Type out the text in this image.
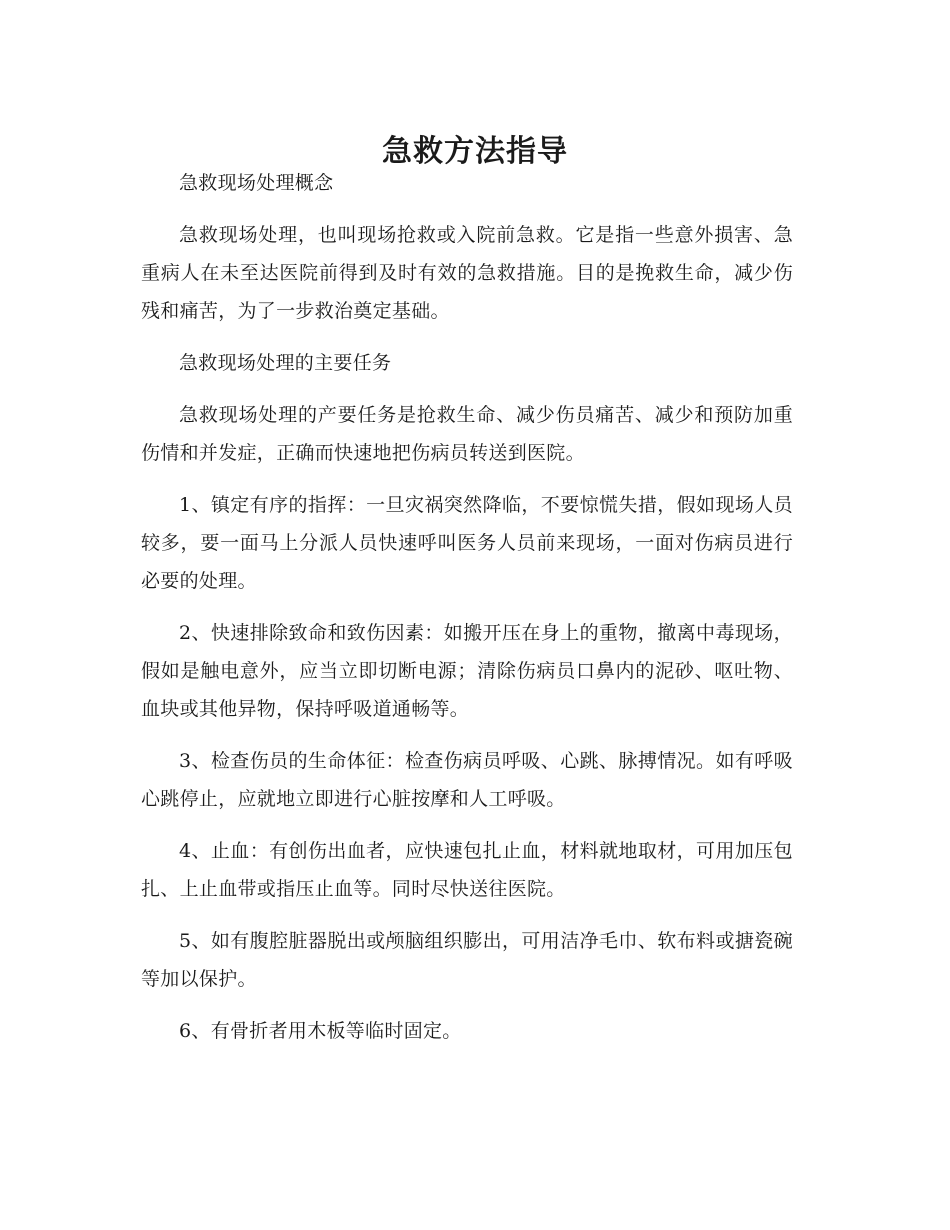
急救方法指导

急救现场处理概念

急救现场处理，也叫现场抢救或入院前急救。它是指一些意外损害、急重病人在未至达医院前得到及时有效的急救措施。目的是挽救生命，减少伤残和痛苦，为了一步救治奠定基础。

急救现场处理的主要任务

急救现场处理的产要任务是抢救生命、减少伤员痛苦、减少和预防加重伤情和并发症，正确而快速地把伤病员转送到医院。

1、镇定有序的指挥：一旦灾祸突然降临，不要惊慌失措，假如现场人员较多，要一面马上分派人员快速呼叫医务人员前来现场，一面对伤病员进行必要的处理。

2、快速排除致命和致伤因素：如搬开压在身上的重物，撤离中毒现场，假如是触电意外，应当立即切断电源；清除伤病员口鼻内的泥砂、呕吐物、血块或其他异物，保持呼吸道通畅等。

3、检查伤员的生命体征：检查伤病员呼吸、心跳、脉搏情况。如有呼吸心跳停止，应就地立即进行心脏按摩和人工呼吸。

4、止血：有创伤出血者，应快速包扎止血，材料就地取材，可用加压包扎、上止血带或指压止血等。同时尽快送往医院。

5、如有腹腔脏器脱出或颅脑组织膨出，可用洁净毛巾、软布料或搪瓷碗等加以保护。

6、有骨折者用木板等临时固定。
